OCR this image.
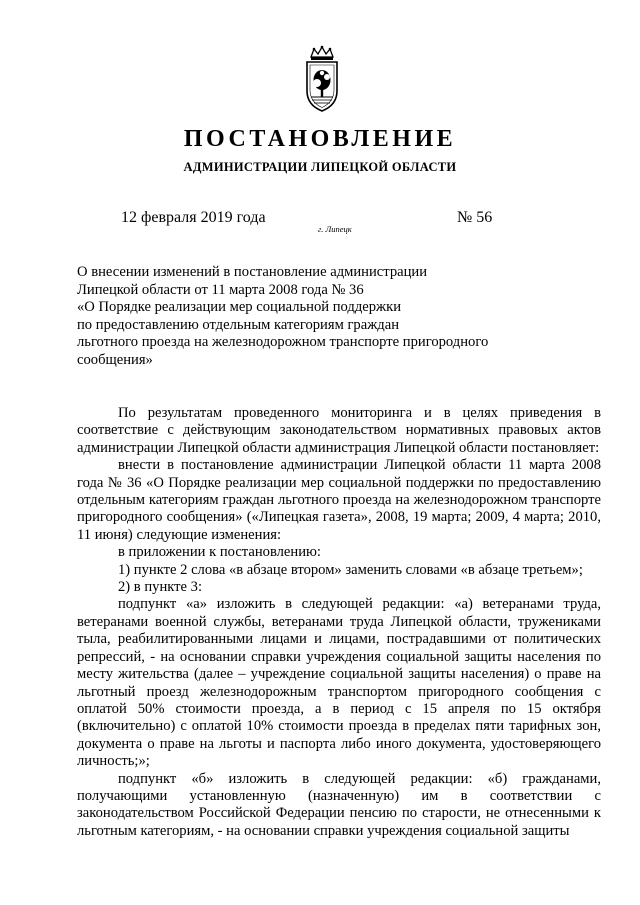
ПОСТАНОВЛЕНИЕ
АДМИНИСТРАЦИИ ЛИПЕЦКОЙ ОБЛАСТИ
12 февраля 2019 года
г. Липецк
№ 56
О внесении изменений в постановление администрации
Липецкой области от 11 марта 2008 года № 36
«О Порядке реализации мер социальной поддержки
по предоставлению отдельным категориям граждан
льготного проезда на железнодорожном транспорте пригородного
сообщения»

По результатам проведенного мониторинга и в целях приведения в соответствие с действующим законодательством нормативных правовых актов администрации Липецкой области администрация Липецкой области постановляет:

внести в постановление администрации Липецкой области 11 марта 2008 года № 36 «О Порядке реализации мер социальной поддержки по предоставлению отдельным категориям граждан льготного проезда на железнодорожном транспорте пригородного сообщения» («Липецкая газета», 2008, 19 марта; 2009, 4 марта; 2010, 11 июня) следующие изменения:

в приложении к постановлению:

1) пункте 2 слова «в абзаце втором» заменить словами «в абзаце третьем»;

2) в пункте 3:

подпункт «а» изложить в следующей редакции: «а) ветеранами труда, ветеранами военной службы, ветеранами труда Липецкой области, тружениками тыла, реабилитированными лицами и лицами, пострадавшими от политических репрессий, - на основании справки учреждения социальной защиты населения по месту жительства (далее – учреждение социальной защиты населения) о праве на льготный проезд железнодорожным транспортом пригородного сообщения с оплатой 50% стоимости проезда, а в период с 15 апреля по 15 октября (включительно) с оплатой 10% стоимости проезда в пределах пяти тарифных зон, документа о праве на льготы и паспорта либо иного документа, удостоверяющего личность;»;

подпункт «б» изложить в следующей редакции: «б) гражданами, получающими установленную (назначенную) им в соответствии с законодательством Российской Федерации пенсию по старости, не отнесенными к льготным категориям, - на основании справки учреждения социальной защиты
